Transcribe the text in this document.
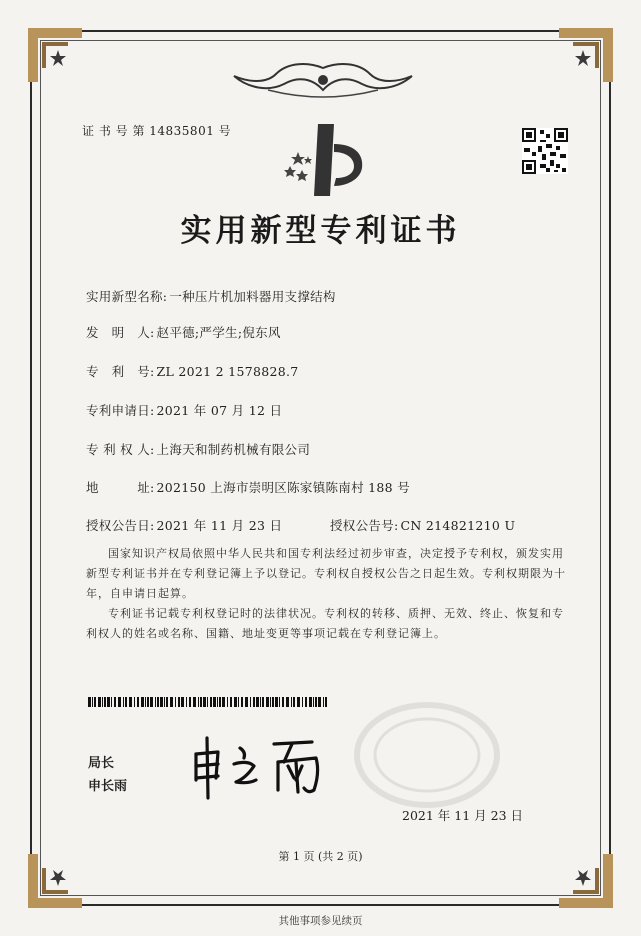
证 书 号 第 14835801 号
实用新型专利证书
实用新型名称: 一种压片机加料器用支撑结构
发　明　人: 赵平德;严学生;倪东风
专　利　号: ZL 2021 2 1578828.7
专利申请日: 2021 年 07 月 12 日
专 利 权 人: 上海天和制药机械有限公司
地　　　址: 202150 上海市崇明区陈家镇陈南村 188 号
授权公告日: 2021 年 11 月 23 日	授权公告号: CN 214821210 U
国家知识产权局依照中华人民共和国专利法经过初步审查，决定授予专利权，颁发实用新型专利证书并在专利登记簿上予以登记。专利权自授权公告之日起生效。专利权期限为十年，自申请日起算。
专利证书记载专利权登记时的法律状况。专利权的转移、质押、无效、终止、恢复和专利权人的姓名或名称、国籍、地址变更等事项记载在专利登记簿上。
局长
申长雨
2021 年 11 月 23 日
第 1 页 (共 2 页)
其他事项参见续页
